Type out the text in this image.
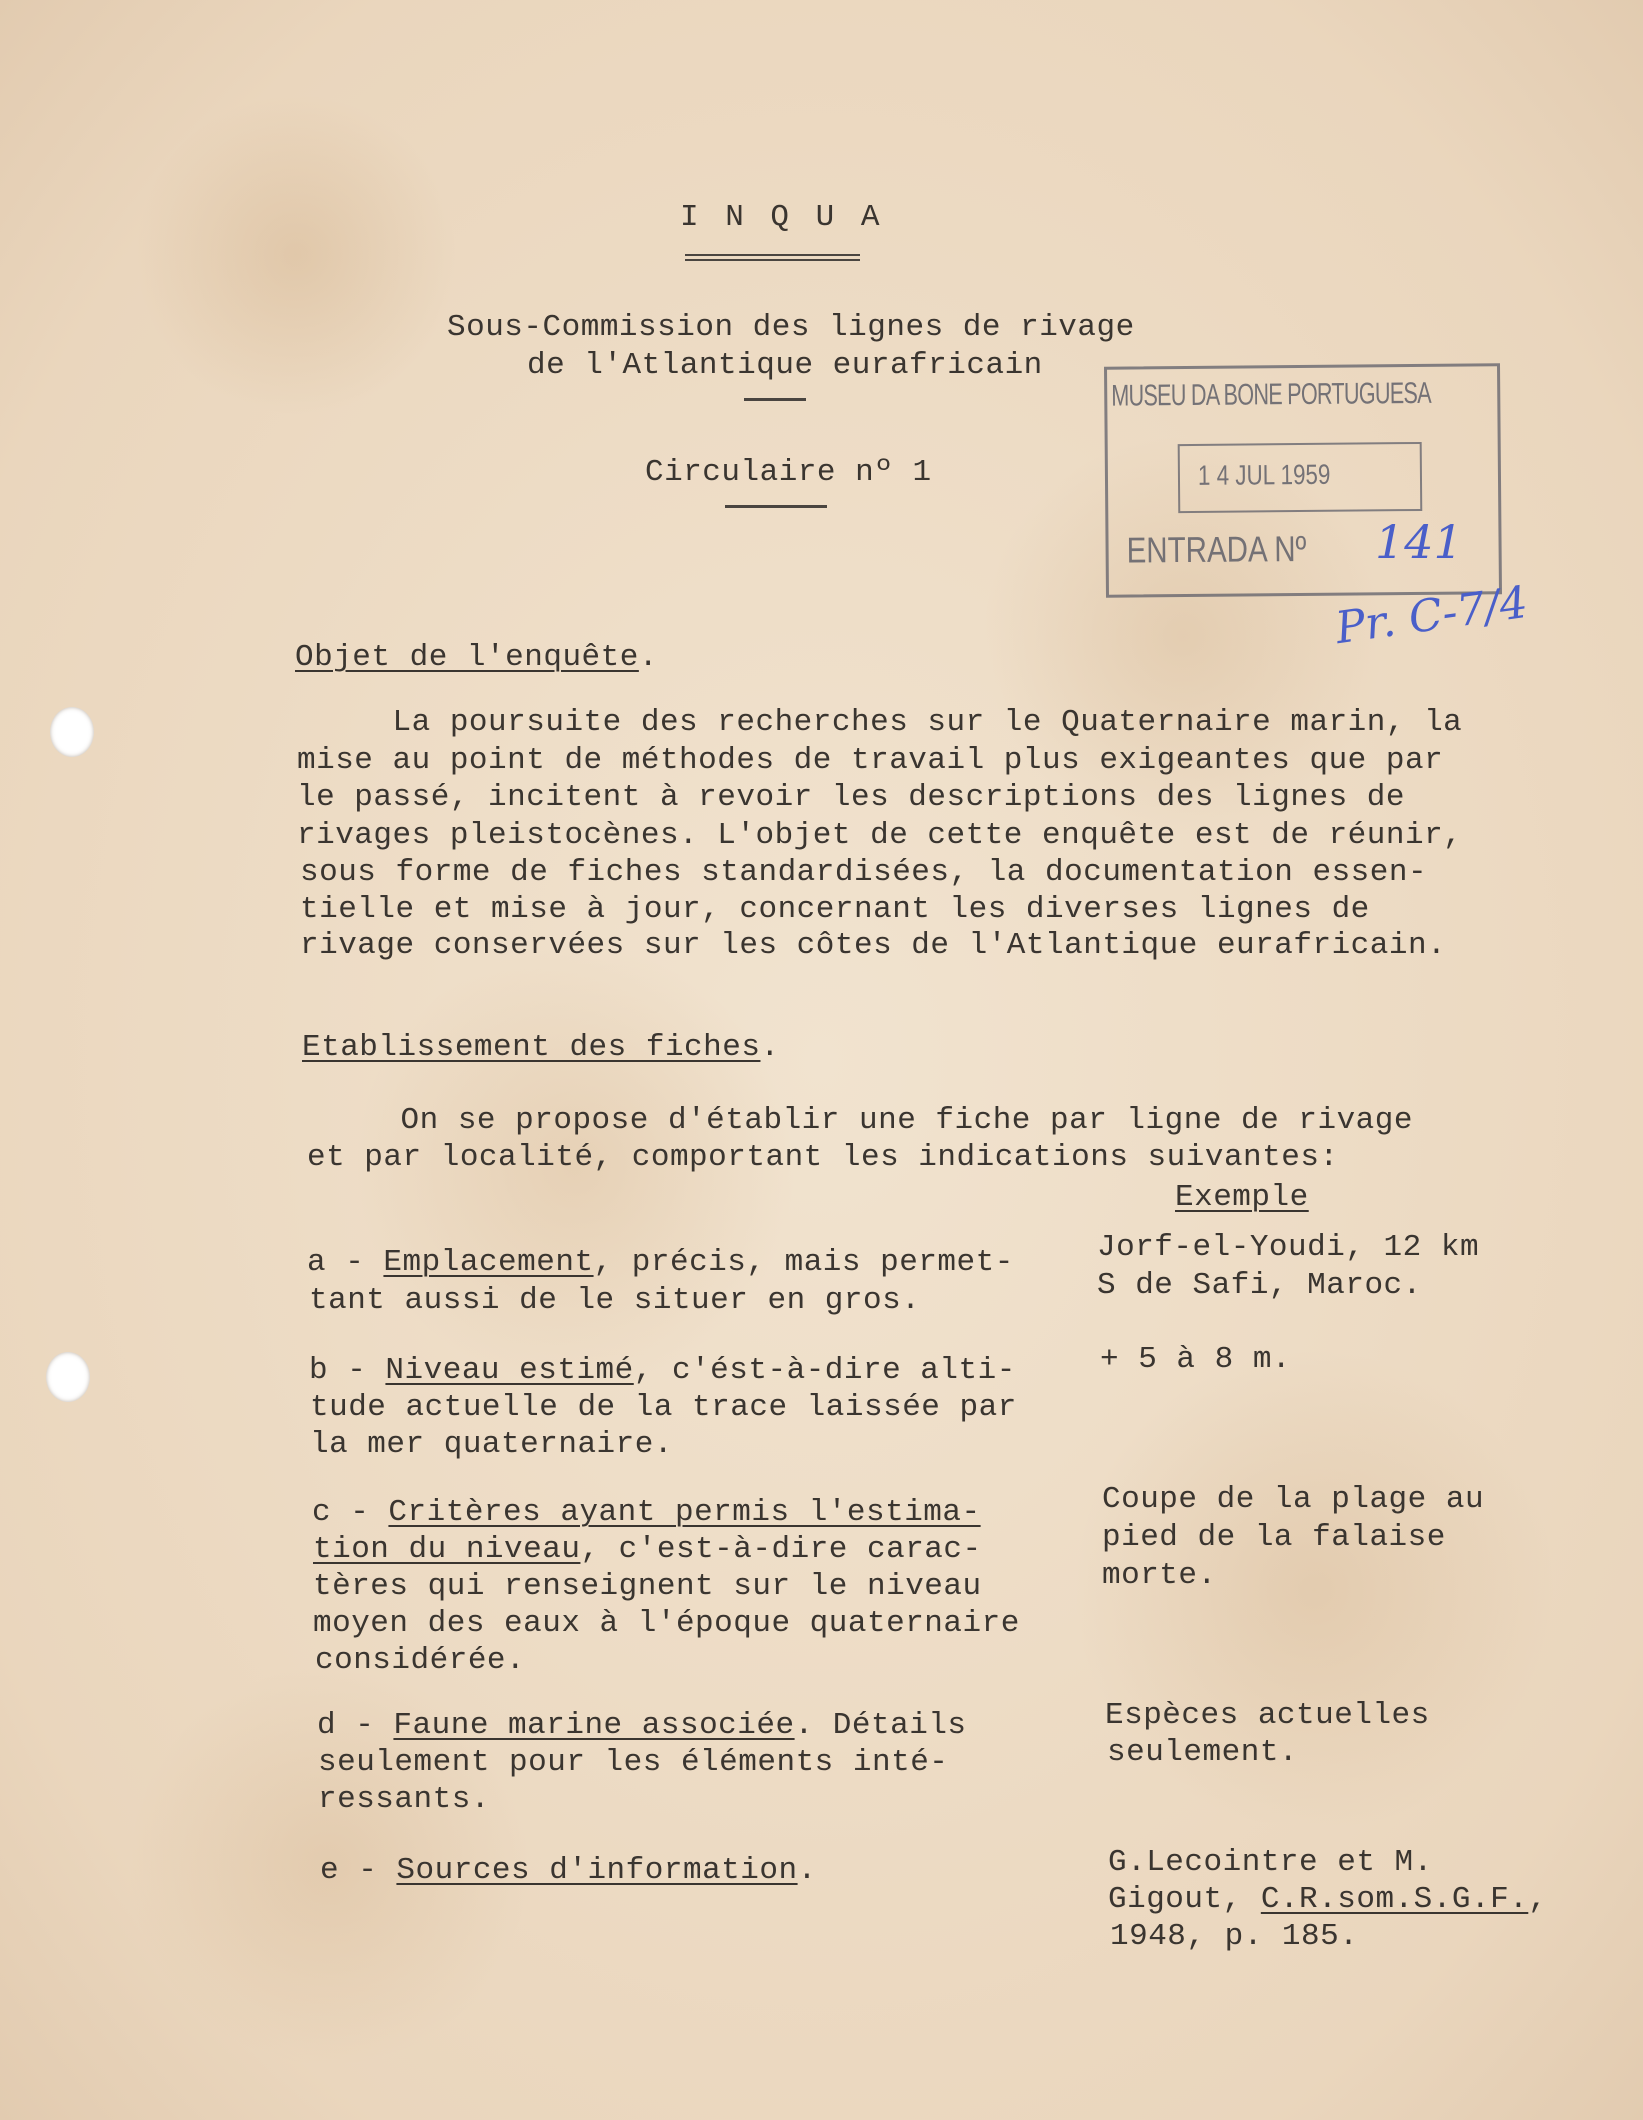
I N Q U A
Sous-Commission des lignes de rivage
de l'Atlantique eurafricain
Circulaire nº 1
MUSEU DA BONE PORTUGUESA
1 4 JUL 1959
ENTRADA Nº 141
Pr. C-7/4
Objet de l'enquête.
La poursuite des recherches sur le Quaternaire marin, la
mise au point de méthodes de travail plus exigeantes que par
le passé, incitent à revoir les descriptions des lignes de
rivages pleistocènes. L'objet de cette enquête est de réunir,
sous forme de fiches standardisées, la documentation essen-
tielle et mise à jour, concernant les diverses lignes de
rivage conservées sur les côtes de l'Atlantique eurafricain.
Etablissement des fiches.
On se propose d'établir une fiche par ligne de rivage
et par localité, comportant les indications suivantes:
Exemple
a - Emplacement, précis, mais permet-
tant aussi de le situer en gros.
Jorf-el-Youdi, 12 km
S de Safi, Maroc.
b - Niveau estimé, c'ést-à-dire alti-
tude actuelle de la trace laissée par
la mer quaternaire.
+ 5 à 8 m.
c - Critères ayant permis l'estima-
tion du niveau, c'est-à-dire carac-
tères qui renseignent sur le niveau
moyen des eaux à l'époque quaternaire
considérée.
Coupe de la plage au
pied de la falaise
morte.
d - Faune marine associée. Détails
seulement pour les éléments inté-
ressants.
Espèces actuelles
seulement.
e - Sources d'information.	G.Lecointre et M.
Gigout, C.R.som.S.G.F.,
1948, p. 185.
